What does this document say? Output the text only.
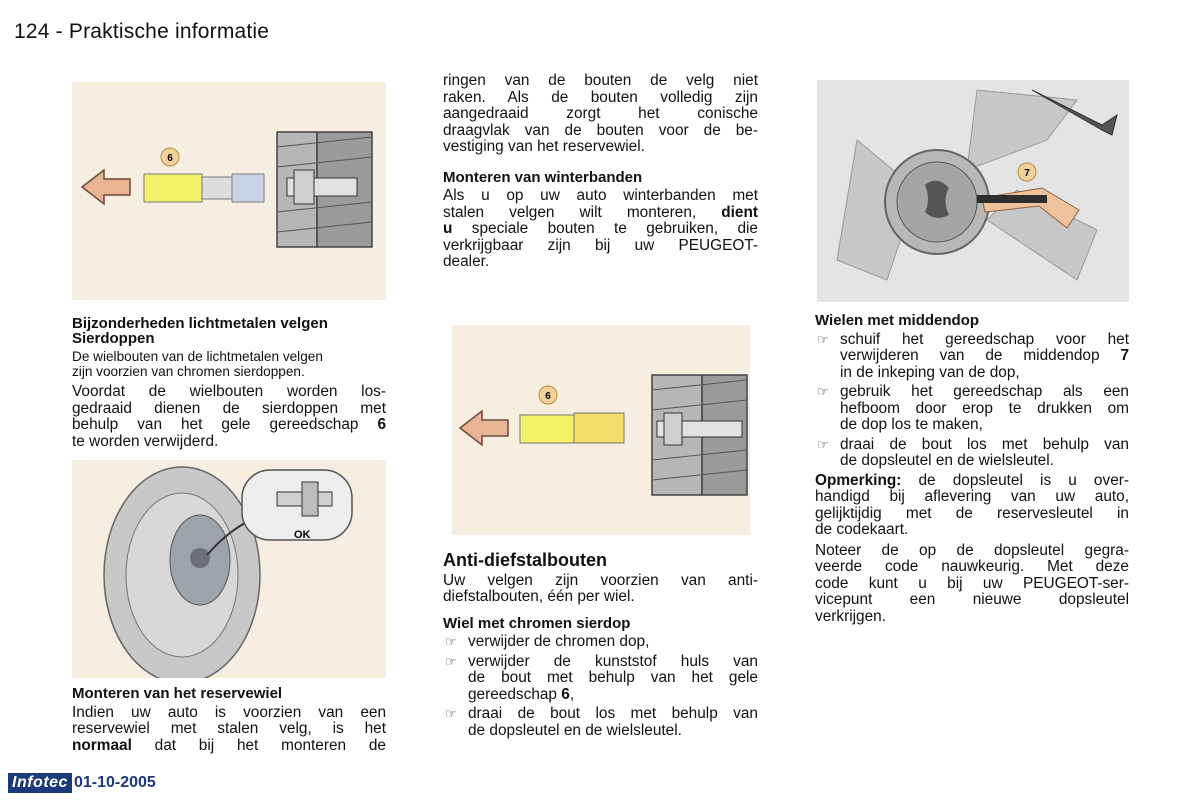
124 - Praktische informatie
6
Bijzonderheden lichtmetalen velgen
Sierdoppen
De wielbouten van de lichtmetalen velgen
zijn voorzien van chromen sierdoppen.
Voordat de wielbouten worden los-
gedraaid dienen de sierdoppen met
behulp van het gele gereedschap 6
te worden verwijderd.
OK
Monteren van het reservewiel
Indien uw auto is voorzien van een
reservewiel met stalen velg, is het
normaal dat bij het monteren de
ringen van de bouten de velg niet
raken. Als de bouten volledig zijn
aangedraaid zorgt het conische
draagvlak van de bouten voor de be-
vestiging van het reservewiel.
Monteren van winterbanden
Als u op uw auto winterbanden met
stalen velgen wilt monteren, dient
u speciale bouten te gebruiken, die
verkrijgbaar zijn bij uw PEUGEOT-
dealer.
6
Anti-diefstalbouten
Uw velgen zijn voorzien van anti-
diefstalbouten, één per wiel.
Wiel met chromen sierdop
☞ verwijder de chromen dop,
☞ verwijder de kunststof huls van
de bout met behulp van het gele
gereedschap 6,
☞ draai de bout los met behulp van
de dopsleutel en de wielsleutel.
7
Wielen met middendop
☞ schuif het gereedschap voor het
verwijderen van de middendop 7
in de inkeping van de dop,
☞ gebruik het gereedschap als een
hefboom door erop te drukken om
de dop los te maken,
☞ draai de bout los met behulp van
de dopsleutel en de wielsleutel.
Opmerking: de dopsleutel is u over-
handigd bij aflevering van uw auto,
gelijktijdig met de reservesleutel in
de codekaart.
Noteer de op de dopsleutel gegra-
veerde code nauwkeurig. Met deze
code kunt u bij uw PEUGEOT-ser-
vicepunt een nieuwe dopsleutel
verkrijgen.
Infotec 01-10-2005
